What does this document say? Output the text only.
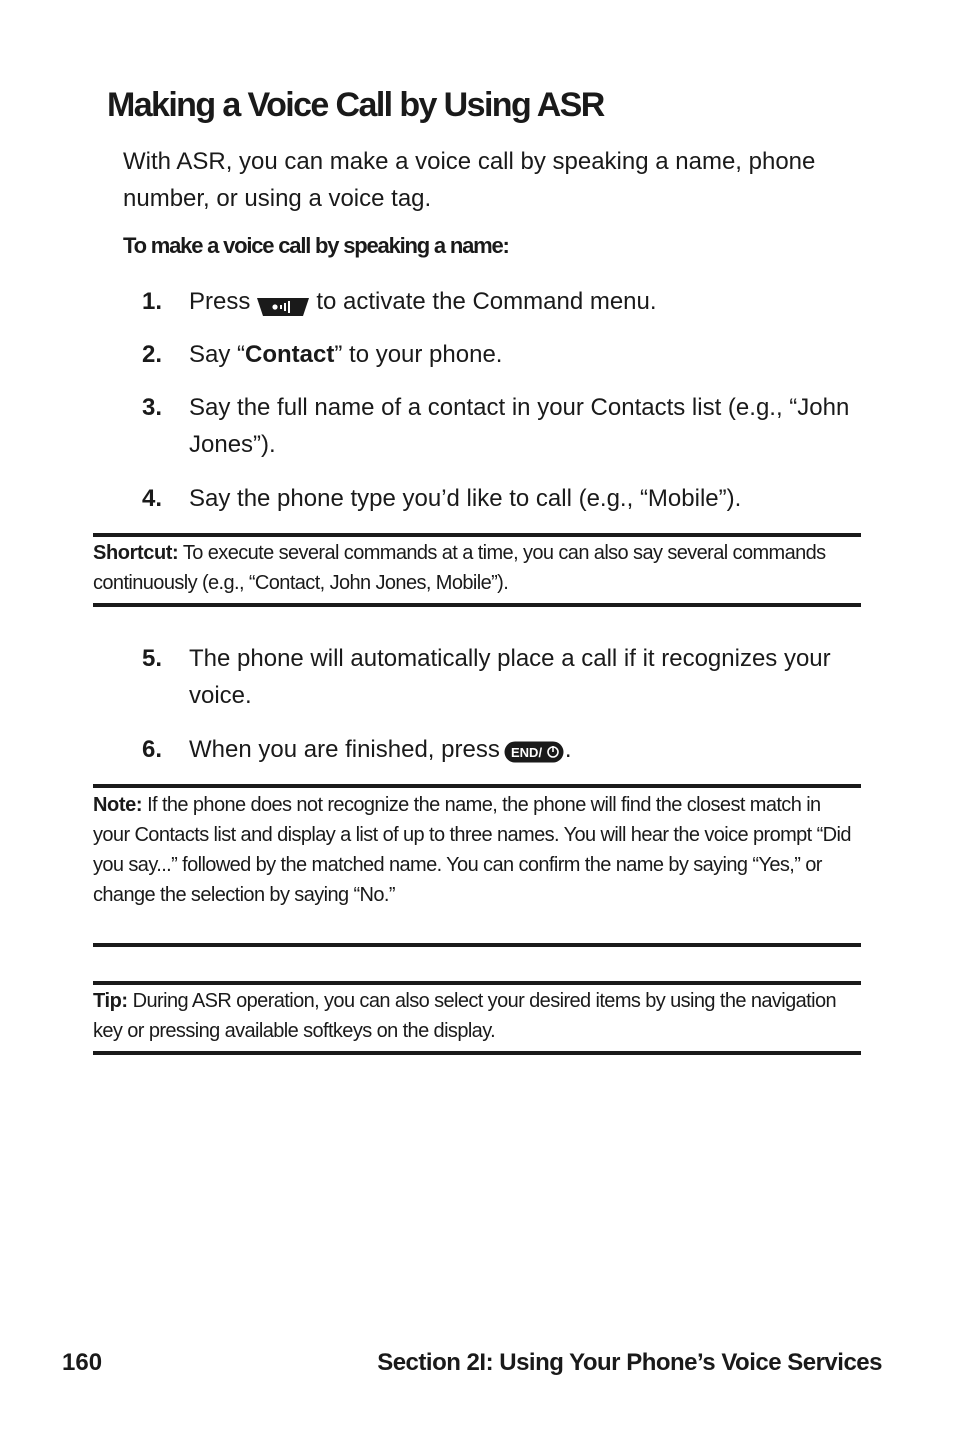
Making a Voice Call by Using ASR
With ASR, you can make a voice call by speaking a name, phone number, or using a voice tag.
To make a voice call by speaking a name:
1.	Press	to activate the Command menu.
2.	Say “Contact” to your phone.
3.	Say the full name of a contact in your Contacts list (e.g., “John Jones”).
4.	Say the phone type you’d like to call (e.g., “Mobile”).
Shortcut: To execute several commands at a time, you can also say several commands continuously (e.g., “Contact, John Jones, Mobile”).
5.	The phone will automatically place a call if it recognizes your voice.
6.	When you are finished, press END/ .
Note: If the phone does not recognize the name, the phone will find the closest match in your Contacts list and display a list of up to three names. You will hear the voice prompt “Did you say...” followed by the matched name. You can confirm the name by saying “Yes,” or change the selection by saying “No.”
Tip: During ASR operation, you can also select your desired items by using the navigation key or pressing available softkeys on the display.
160	Section 2I: Using Your Phone’s Voice Services
